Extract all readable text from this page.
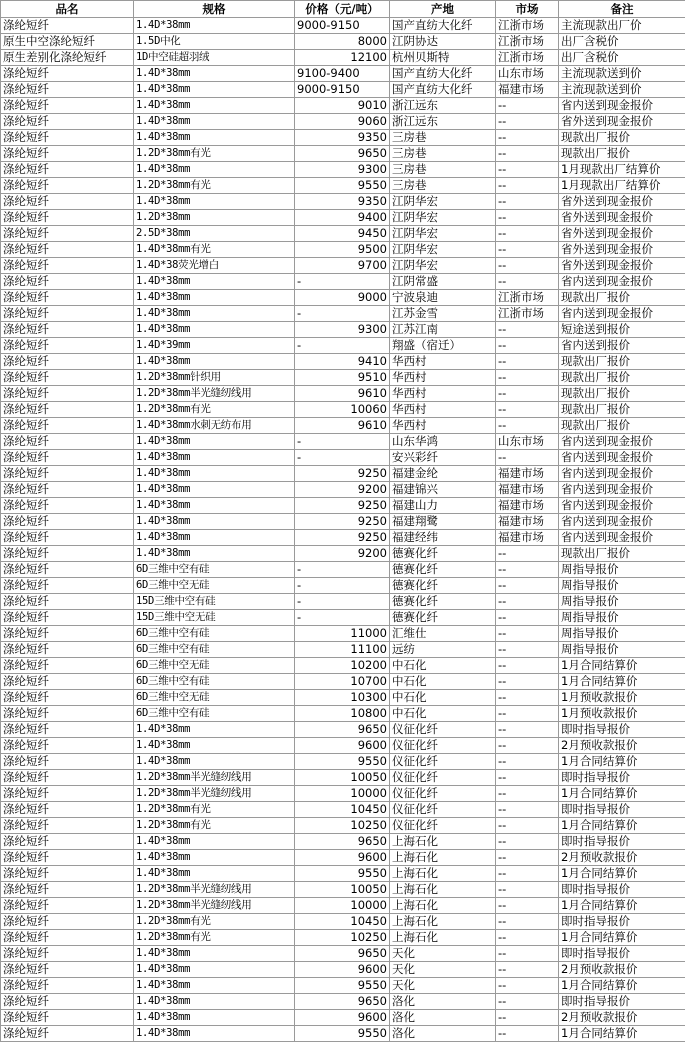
品名	规格	价格（元/吨）	产地	市场	备注
涤纶短纤	1.4D*38mm	9000-9150	国产直纺大化纤	江浙市场	主流现款出厂价
原生中空涤纶短纤	1.5D中化	8000	江阴协达	江浙市场	出厂含税价
原生差别化涤纶短纤	1D中空硅超羽绒	12100	杭州贝斯特	江浙市场	出厂含税价
涤纶短纤	1.4D*38mm	9100-9400	国产直纺大化纤	山东市场	主流现款送到价
涤纶短纤	1.4D*38mm	9000-9150	国产直纺大化纤	福建市场	主流现款送到价
涤纶短纤	1.4D*38mm	9010	浙江远东	--	省内送到现金报价
涤纶短纤	1.4D*38mm	9060	浙江远东	--	省外送到现金报价
涤纶短纤	1.4D*38mm	9350	三房巷	--	现款出厂报价
涤纶短纤	1.2D*38mm有光	9650	三房巷	--	现款出厂报价
涤纶短纤	1.4D*38mm	9300	三房巷	--	1月现款出厂结算价
涤纶短纤	1.2D*38mm有光	9550	三房巷	--	1月现款出厂结算价
涤纶短纤	1.4D*38mm	9350	江阴华宏	--	省外送到现金报价
涤纶短纤	1.2D*38mm	9400	江阴华宏	--	省外送到现金报价
涤纶短纤	2.5D*38mm	9450	江阴华宏	--	省外送到现金报价
涤纶短纤	1.4D*38mm有光	9500	江阴华宏	--	省外送到现金报价
涤纶短纤	1.4D*38荧光增白	9700	江阴华宏	--	省外送到现金报价
涤纶短纤	1.4D*38mm	-	江阴常盛	--	省内送到现金报价
涤纶短纤	1.4D*38mm	9000	宁波泉迪	江浙市场	现款出厂报价
涤纶短纤	1.4D*38mm	-	江苏金雪	江浙市场	省内送到现金报价
涤纶短纤	1.4D*38mm	9300	江苏江南	--	短途送到报价
涤纶短纤	1.4D*39mm	-	翔盛（宿迁）	--	省内送到报价
涤纶短纤	1.4D*38mm	9410	华西村	--	现款出厂报价
涤纶短纤	1.2D*38mm针织用	9510	华西村	--	现款出厂报价
涤纶短纤	1.2D*38mm半光缝纫线用	9610	华西村	--	现款出厂报价
涤纶短纤	1.2D*38mm有光	10060	华西村	--	现款出厂报价
涤纶短纤	1.4D*38mm水刺无纺布用	9610	华西村	--	现款出厂报价
涤纶短纤	1.4D*38mm	-	山东华鸿	山东市场	省内送到现金报价
涤纶短纤	1.4D*38mm	-	安兴彩纤	--	省内送到现金报价
涤纶短纤	1.4D*38mm	9250	福建金纶	福建市场	省内送到现金报价
涤纶短纤	1.4D*38mm	9200	福建锦兴	福建市场	省内送到现金报价
涤纶短纤	1.4D*38mm	9250	福建山力	福建市场	省内送到现金报价
涤纶短纤	1.4D*38mm	9250	福建翔鹭	福建市场	省内送到现金报价
涤纶短纤	1.4D*38mm	9250	福建经纬	福建市场	省内送到现金报价
涤纶短纤	1.4D*38mm	9200	德赛化纤	--	现款出厂报价
涤纶短纤	6D三维中空有硅	-	德赛化纤	--	周指导报价
涤纶短纤	6D三维中空无硅	-	德赛化纤	--	周指导报价
涤纶短纤	15D三维中空有硅	-	德赛化纤	--	周指导报价
涤纶短纤	15D三维中空无硅	-	德赛化纤	--	周指导报价
涤纶短纤	6D三维中空有硅	11000	汇维仕	--	周指导报价
涤纶短纤	6D三维中空有硅	11100	远纺	--	周指导报价
涤纶短纤	6D三维中空无硅	10200	中石化	--	1月合同结算价
涤纶短纤	6D三维中空有硅	10700	中石化	--	1月合同结算价
涤纶短纤	6D三维中空无硅	10300	中石化	--	1月预收款报价
涤纶短纤	6D三维中空有硅	10800	中石化	--	1月预收款报价
涤纶短纤	1.4D*38mm	9650	仪征化纤	--	即时指导报价
涤纶短纤	1.4D*38mm	9600	仪征化纤	--	2月预收款报价
涤纶短纤	1.4D*38mm	9550	仪征化纤	--	1月合同结算价
涤纶短纤	1.2D*38mm半光缝纫线用	10050	仪征化纤	--	即时指导报价
涤纶短纤	1.2D*38mm半光缝纫线用	10000	仪征化纤	--	1月合同结算价
涤纶短纤	1.2D*38mm有光	10450	仪征化纤	--	即时指导报价
涤纶短纤	1.2D*38mm有光	10250	仪征化纤	--	1月合同结算价
涤纶短纤	1.4D*38mm	9650	上海石化	--	即时指导报价
涤纶短纤	1.4D*38mm	9600	上海石化	--	2月预收款报价
涤纶短纤	1.4D*38mm	9550	上海石化	--	1月合同结算价
涤纶短纤	1.2D*38mm半光缝纫线用	10050	上海石化	--	即时指导报价
涤纶短纤	1.2D*38mm半光缝纫线用	10000	上海石化	--	1月合同结算价
涤纶短纤	1.2D*38mm有光	10450	上海石化	--	即时指导报价
涤纶短纤	1.2D*38mm有光	10250	上海石化	--	1月合同结算价
涤纶短纤	1.4D*38mm	9650	天化	--	即时指导报价
涤纶短纤	1.4D*38mm	9600	天化	--	2月预收款报价
涤纶短纤	1.4D*38mm	9550	天化	--	1月合同结算价
涤纶短纤	1.4D*38mm	9650	洛化	--	即时指导报价
涤纶短纤	1.4D*38mm	9600	洛化	--	2月预收款报价
涤纶短纤	1.4D*38mm	9550	洛化	--	1月合同结算价
